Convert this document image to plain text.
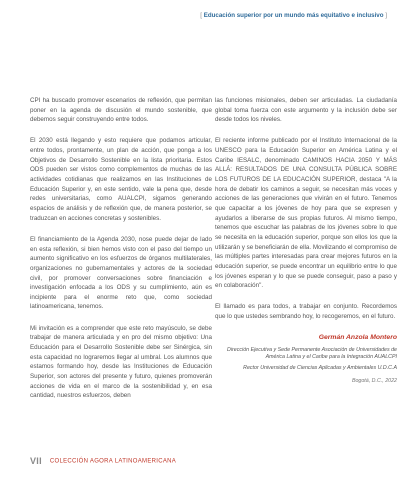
[ Educación superior por un mundo más equitativo e inclusivo ]

CPI ha buscado promover escenarios de reflexión, que permitan poner en la agenda de discusión el mundo sostenible, que debemos seguir construyendo entre todos.

El 2030 está llegando y esto requiere que podamos articular, entre todos, prontamente, un plan de acción, que ponga a los Objetivos de Desarrollo Sostenible en la lista prioritaria. Estos ODS pueden ser vistos como complementos de muchas de las actividades cotidianas que realizamos en las Instituciones de Educación Superior y, en este sentido, vale la pena que, desde redes universitarias, como AUALCPI, sigamos generando espacios de análisis y de reflexión que, de manera posterior, se traduzcan en acciones concretas y sostenibles.

El financiamiento de la Agenda 2030, nose puede dejar de lado en esta reflexión, si bien hemos visto con el paso del tiempo un aumento significativo en los esfuerzos de órganos multilaterales, organizaciones no gubernamentales y actores de la sociedad civil, por promover conversaciones sobre financiación e investigación enfocada a los ODS y su cumplimiento, aún es incipiente para el enorme reto que, como sociedad latinoamericana, tenemos.

Mi invitación es a comprender que este reto mayúsculo, se debe trabajar de manera articulada y en pro del mismo objetivo: Una Educación para el Desarrollo Sostenible debe ser Sinérgica, sin esta capacidad no lograremos llegar al umbral. Los alumnos que estamos formando hoy, desde las Instituciones de Educación Superior, son actores del presente y futuro, quienes promoverán acciones de vida en el marco de la sostenibilidad y, en esa cantidad, nuestros esfuerzos, deben

las funciones misionales, deben ser articuladas. La ciudadanía global toma fuerza con este argumento y la inclusión debe ser desde todos los niveles.

El reciente informe publicado por el Instituto Internacional de la UNESCO para la Educación Superior en América Latina y el Caribe IESALC, denominado CAMINOS HACIA 2050 Y MÁS ALLÁ: RESULTADOS DE UNA CONSULTA PÚBLICA SOBRE LOS FUTUROS DE LA EDUCACIÓN SUPERIOR, destaca "A la hora de debatir los caminos a seguir, se necesitan más voces y acciones de las generaciones que vivirán en el futuro. Tenemos que capacitar a los jóvenes de hoy para que se expresen y ayudarlos a liberarse de sus propias futuros. Al mismo tiempo, tenemos que escuchar las palabras de los jóvenes sobre lo que se necesita en la educación superior, porque son ellos los que la utilizarán y se beneficiarán de ella. Movilizando el compromiso de las múltiples partes interesadas para crear mejores futuros en la educación superior, se puede encontrar un equilibrio entre lo que los jóvenes esperan y lo que se puede conseguir, paso a paso y en colaboración".

El llamado es para todos, a trabajar en conjunto. Recordemos que lo que ustedes sembrando hoy, lo recogeremos, en el futuro.

Germán Anzola Montero
Dirección Ejecutiva y Sede Permanente Asociación de Universidades de América Latina y el Caribe para la Integración AUALCPI
Rector Universidad de Ciencias Aplicadas y Ambientales U.D.C.A
Bogotá, D.C., 2022
VII COLECCIÓN AGORA LATINOAMERICANA
